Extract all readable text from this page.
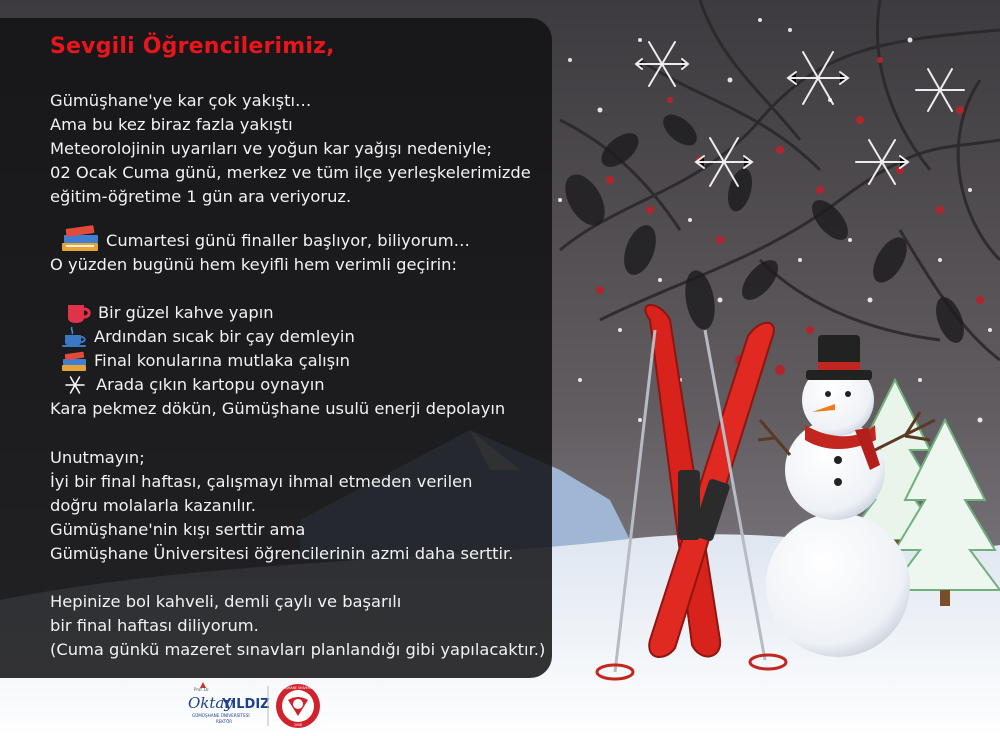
Sevgili Öğrencilerimiz,
Gümüşhane'ye kar çok yakıştı…
Ama bu kez biraz fazla yakıştı
Meteorolojinin uyarıları ve yoğun kar yağışı nedeniyle;
02 Ocak Cuma günü, merkez ve tüm ilçe yerleşkelerimizde
eğitim-öğretime 1 gün ara veriyoruz.
Cumartesi günü finaller başlıyor, biliyorum…
O yüzden bugünü hem keyifli hem verimli geçirin:
Bir güzel kahve yapın
Ardından sıcak bir çay demleyin
Final konularına mutlaka çalışın
Arada çıkın kartopu oynayın
Kara pekmez dökün, Gümüşhane usulü enerji depolayın
Unutmayın;
İyi bir final haftası, çalışmayı ihmal etmeden verilen
doğru molalarla kazanılır.
Gümüşhane'nin kışı serttir ama
Gümüşhane Üniversitesi öğrencilerinin azmi daha serttir.
Hepinize bol kahveli, demli çaylı ve başarılı
bir final haftası diliyorum.
(Cuma günkü mazeret sınavları planlandığı gibi yapılacaktır.)
Prof. Dr.
Oktay
YILDIZ
GÜMÜŞHANE ÜNİVERSİTESİ
REKTÖR
GÜMÜŞHANE ÜNİVERSİTESİ
2008
